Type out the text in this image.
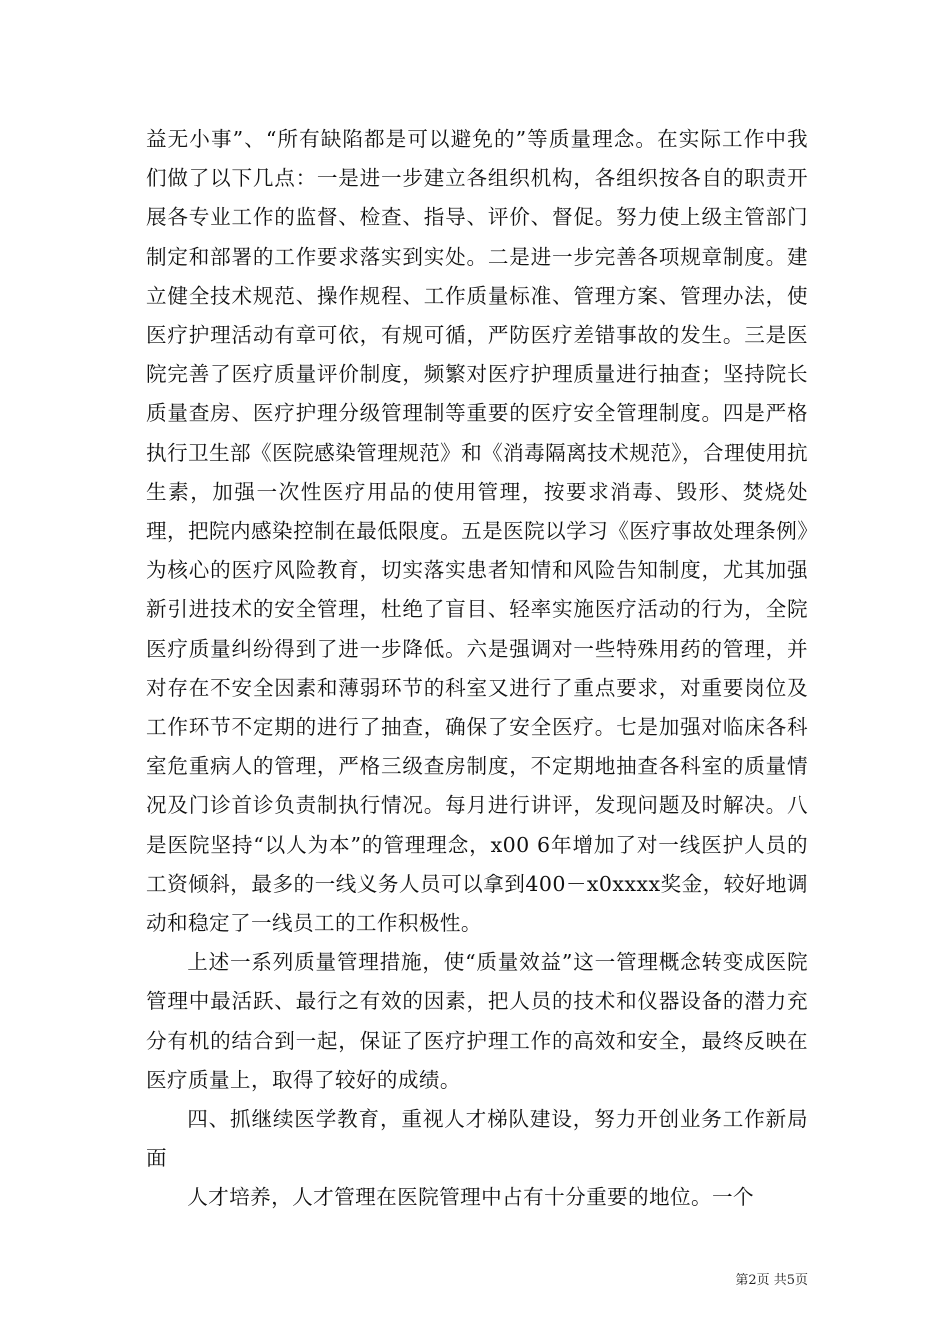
益无小事”、“所有缺陷都是可以避免的”等质量理念。在实际工作中我们做了以下几点：一是进一步建立各组织机构，各组织按各自的职责开展各专业工作的监督、检查、指导、评价、督促。努力使上级主管部门制定和部署的工作要求落实到实处。二是进一步完善各项规章制度。建立健全技术规范、操作规程、工作质量标准、管理方案、管理办法，使医疗护理活动有章可依，有规可循，严防医疗差错事故的发生。三是医院完善了医疗质量评价制度，频繁对医疗护理质量进行抽查；坚持院长质量查房、医疗护理分级管理制等重要的医疗安全管理制度。四是严格执行卫生部《医院感染管理规范》和《消毒隔离技术规范》，合理使用抗生素，加强一次性医疗用品的使用管理，按要求消毒、毁形、焚烧处理，把院内感染控制在最低限度。五是医院以学习《医疗事故处理条例》为核心的医疗风险教育，切实落实患者知情和风险告知制度，尤其加强新引进技术的安全管理，杜绝了盲目、轻率实施医疗活动的行为，全院医疗质量纠纷得到了进一步降低。六是强调对一些特殊用药的管理，并对存在不安全因素和薄弱环节的科室又进行了重点要求，对重要岗位及工作环节不定期的进行了抽查，确保了安全医疗。七是加强对临床各科室危重病人的管理，严格三级查房制度，不定期地抽查各科室的质量情况及门诊首诊负责制执行情况。每月进行讲评，发现问题及时解决。八是医院坚持“以人为本”的管理理念，x00 6年增加了对一线医护人员的工资倾斜，最多的一线义务人员可以拿到400－x0xxxx奖金，较好地调动和稳定了一线员工的工作积极性。

上述一系列质量管理措施，使“质量效益”这一管理概念转变成医院管理中最活跃、最行之有效的因素，把人员的技术和仪器设备的潜力充分有机的结合到一起，保证了医疗护理工作的高效和安全，最终反映在医疗质量上，取得了较好的成绩。

四、抓继续医学教育，重视人才梯队建设，努力开创业务工作新局面

人才培养，人才管理在医院管理中占有十分重要的地位。一个

第2页 共5页
